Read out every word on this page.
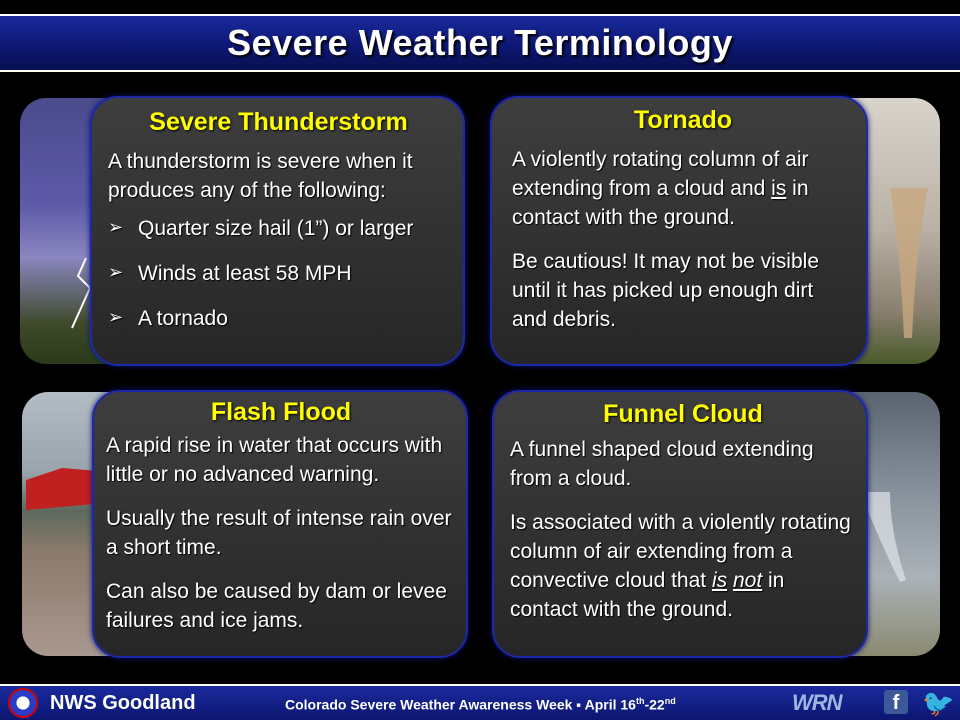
Severe Weather Terminology
Severe Thunderstorm

A thunderstorm is severe when it produces any of the following:

➢ Quarter size hail (1”) or larger
➢ Winds at least 58 MPH
➢ A tornado
Tornado

A violently rotating column of air extending from a cloud and is in contact with the ground.

Be cautious! It may not be visible until it has picked up enough dirt and debris.

Flash Flood

A rapid rise in water that occurs with little or no advanced warning.

Usually the result of intense rain over a short time.

Can also be caused by dam or levee failures and ice jams.

Funnel Cloud

A funnel shaped cloud extending from a cloud.

Is associated with a violently rotating column of air extending from a convective cloud that is not in contact with the ground.

NWS Goodland	Colorado Severe Weather Awareness Week ▪ April 16th-22nd	WRN	f 🐦
